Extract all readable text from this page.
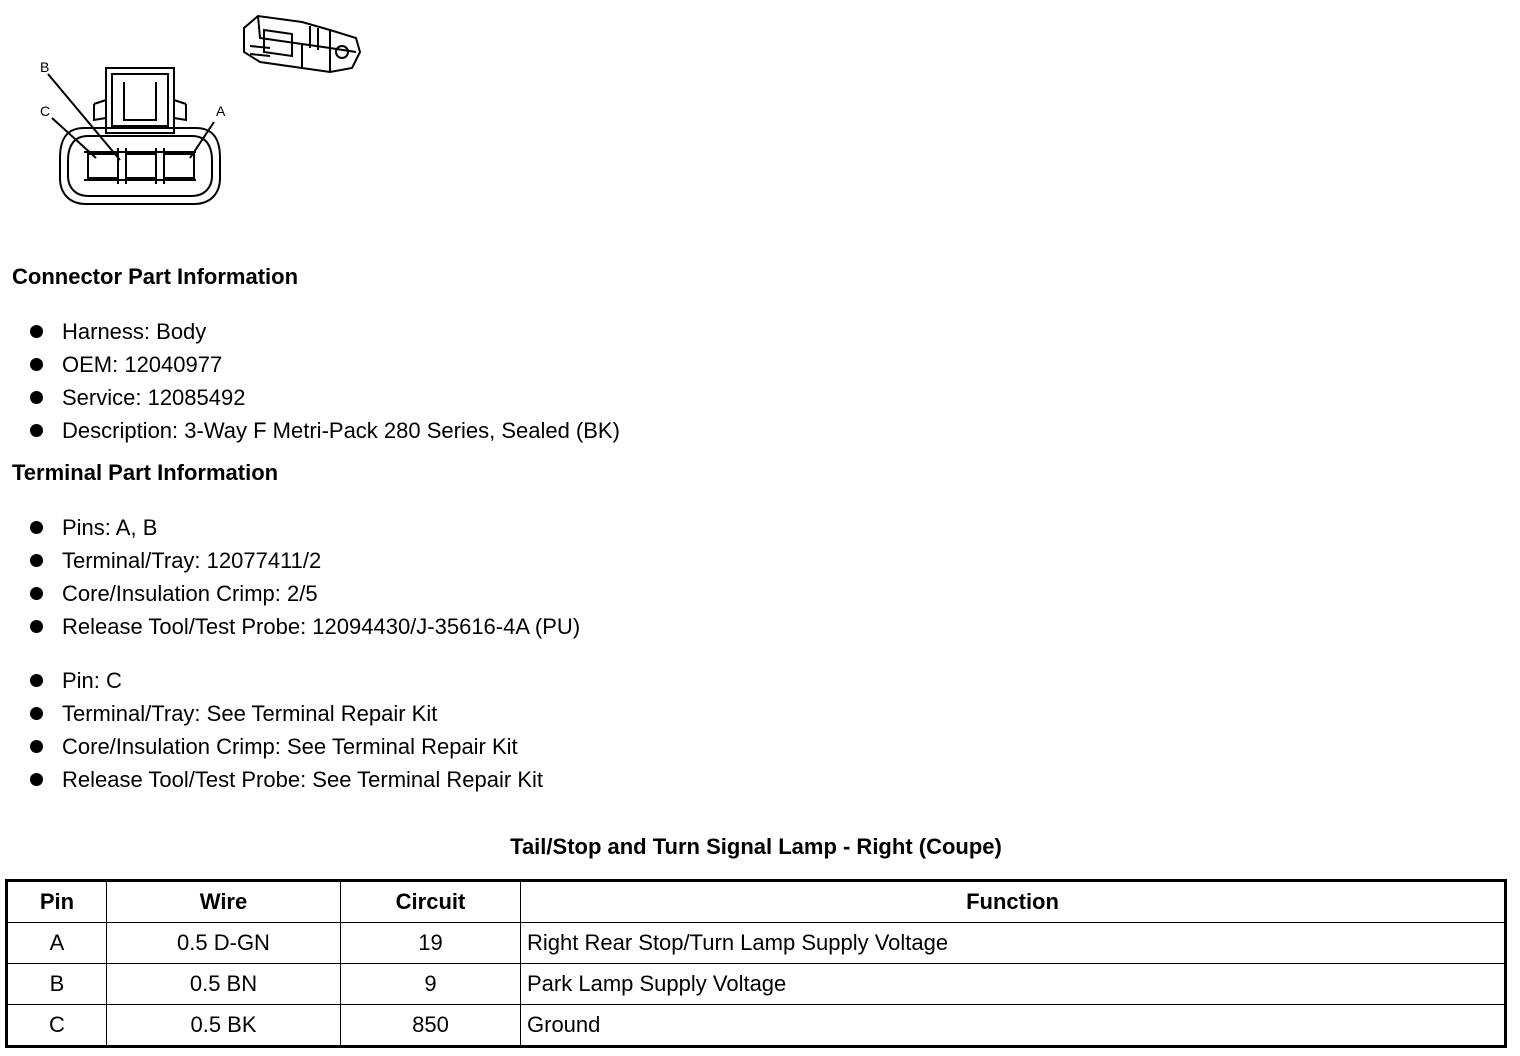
B
C	A
Connector Part Information
Harness: Body
OEM: 12040977
Service: 12085492
Description: 3-Way F Metri-Pack 280 Series, Sealed (BK)
Terminal Part Information
Pins: A, B
Terminal/Tray: 12077411/2
Core/Insulation Crimp: 2/5
Release Tool/Test Probe: 12094430/J-35616-4A (PU)
Pin: C
Terminal/Tray: See Terminal Repair Kit
Core/Insulation Crimp: See Terminal Repair Kit
Release Tool/Test Probe: See Terminal Repair Kit
Tail/Stop and Turn Signal Lamp - Right (Coupe)
Pin	Wire	Circuit	Function
A	0.5 D-GN	19	Right Rear Stop/Turn Lamp Supply Voltage
B	0.5 BN	9	Park Lamp Supply Voltage
C	0.5 BK	850	Ground
